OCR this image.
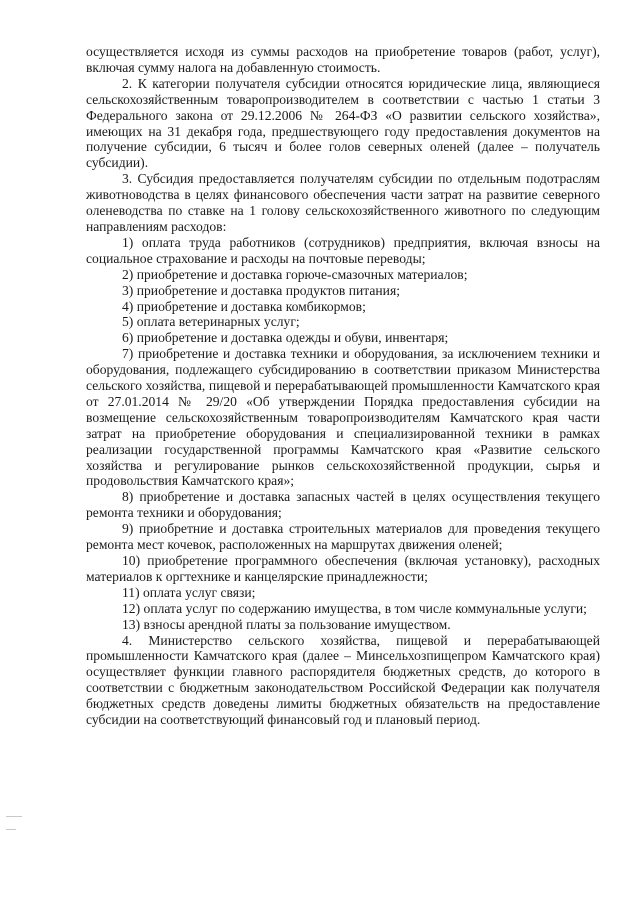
осуществляется исходя из суммы расходов на приобретение товаров (работ, услуг), включая сумму налога на добавленную стоимость.

2. К категории получателя субсидии относятся юридические лица, являющиеся сельскохозяйственным товаропроизводителем в соответствии с частью 1 статьи 3 Федерального закона от 29.12.2006 № 264-ФЗ «О развитии сельского хозяйства», имеющих на 31 декабря года, предшествующего году предоставления документов на получение субсидии, 6 тысяч и более голов северных оленей (далее – получатель субсидии).

3. Субсидия предоставляется получателям субсидии по отдельным подотраслям животноводства в целях финансового обеспечения части затрат на развитие северного оленеводства по ставке на 1 голову сельскохозяйственного животного по следующим направлениям расходов:

1) оплата труда работников (сотрудников) предприятия, включая взносы на социальное страхование и расходы на почтовые переводы;

2) приобретение и доставка горюче-смазочных материалов;

3) приобретение и доставка продуктов питания;

4) приобретение и доставка комбикормов;

5) оплата ветеринарных услуг;

6) приобретение и доставка одежды и обуви, инвентаря;

7) приобретение и доставка техники и оборудования, за исключением техники и оборудования, подлежащего субсидированию в соответствии приказом Министерства сельского хозяйства, пищевой и перерабатывающей промышленности Камчатского края от 27.01.2014 № 29/20 «Об утверждении Порядка предоставления субсидии на возмещение сельскохозяйственным товаропроизводителям Камчатского края части затрат на приобретение оборудования и специализированной техники в рамках реализации государственной программы Камчатского края «Развитие сельского хозяйства и регулирование рынков сельскохозяйственной продукции, сырья и продовольствия Камчатского края»;

8) приобретение и доставка запасных частей в целях осуществления текущего ремонта техники и оборудования;

9) приобретние и доставка строительных материалов для проведения текущего ремонта мест кочевок, расположенных на маршрутах движения оленей;

10) приобретение программного обеспечения (включая установку), расходных материалов к оргтехнике и канцелярские принадлежности;

11) оплата услуг связи;

12) оплата услуг по содержанию имущества, в том числе коммунальные услуги;

13) взносы арендной платы за пользование имуществом.

4. Министерство сельского хозяйства, пищевой и перерабатывающей промышленности Камчатского края (далее – Минсельхозпищепром Камчатского края) осуществляет функции главного распорядителя бюджетных средств, до которого в соответствии с бюджетным законодательством Российской Федерации как получателя бюджетных средств доведены лимиты бюджетных обязательств на предоставление субсидии на соответствующий финансовый год и плановый период.
